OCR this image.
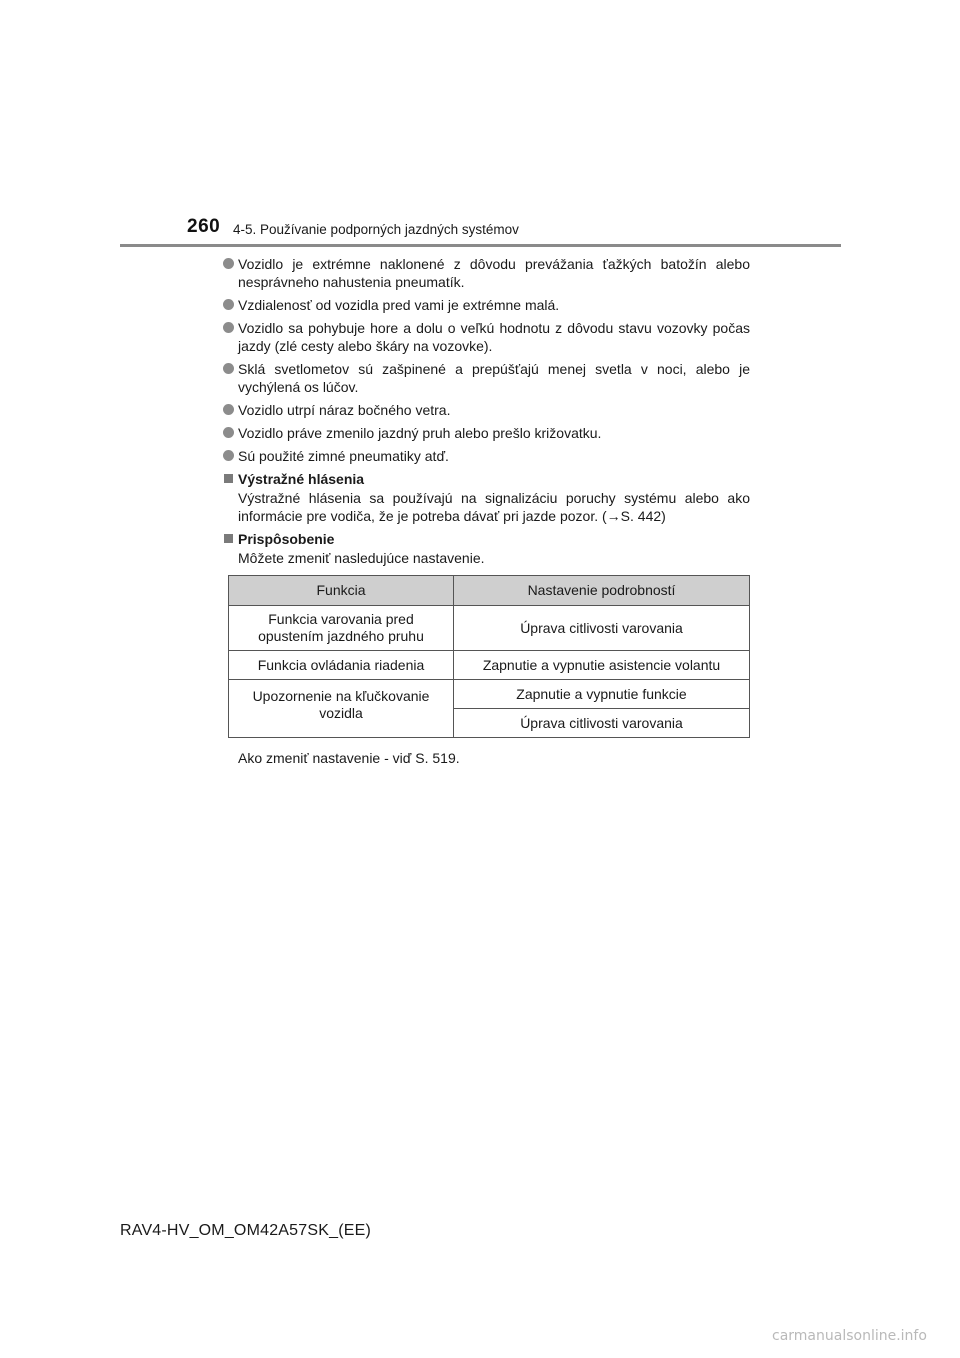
260 4-5. Používanie podporných jazdných systémov
Vozidlo je extrémne naklonené z dôvodu prevážania ťažkých batožín alebo nesprávneho nahustenia pneumatík.
Vzdialenosť od vozidla pred vami je extrémne malá.
Vozidlo sa pohybuje hore a dolu o veľkú hodnotu z dôvodu stavu vozovky počas jazdy (zlé cesty alebo škáry na vozovke).
Sklá svetlometov sú zašpinené a prepúšťajú menej svetla v noci, alebo je vychýlená os lúčov.
Vozidlo utrpí náraz bočného vetra.
Vozidlo práve zmenilo jazdný pruh alebo prešlo križovatku.
Sú použité zimné pneumatiky atď.
Výstražné hlásenia
Výstražné hlásenia sa používajú na signalizáciu poruchy systému alebo ako informácie pre vodiča, že je potreba dávať pri jazde pozor. (→S. 442)
Prispôsobenie
Môžete zmeniť nasledujúce nastavenie.
Funkcia	Nastavenie podrobností
Funkcia varovania pred opustením jazdného pruhu	Úprava citlivosti varovania
Funkcia ovládania riadenia	Zapnutie a vypnutie asistencie volantu
Upozornenie na kľučkovanie vozidla	Zapnutie a vypnutie funkcie
	Úprava citlivosti varovania
Ako zmeniť nastavenie - viď S. 519.
RAV4-HV_OM_OM42A57SK_(EE)
carmanualsonline.info
